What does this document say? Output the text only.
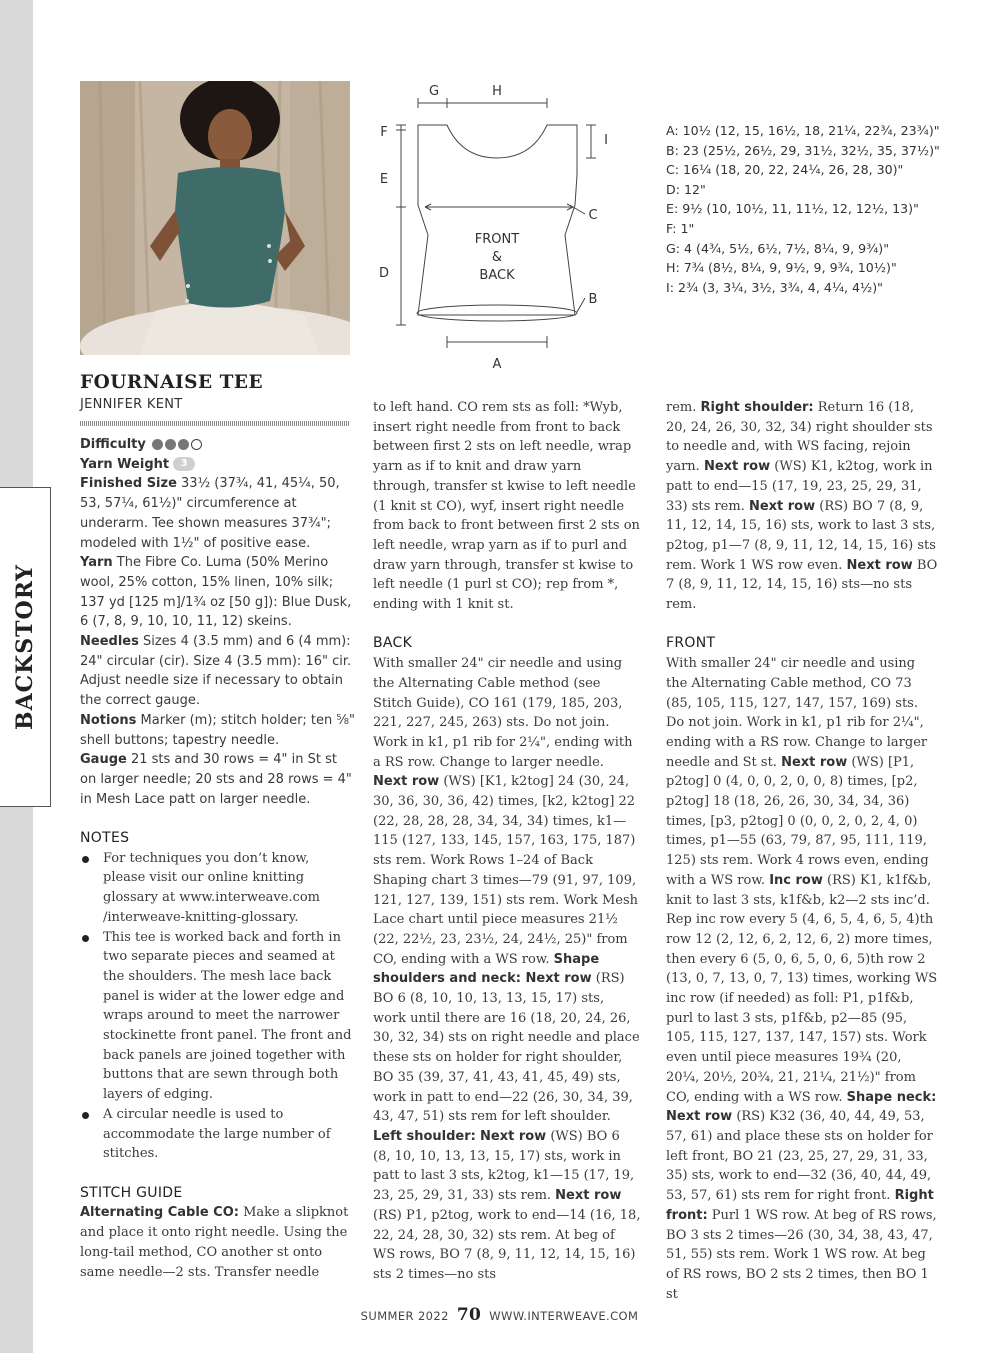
BACKSTORY
G	H
F
E
I
C
D
B
A
FRONT
&
BACK
A: 10½ (12, 15, 16½, 18, 21¼, 22¾, 23¾)"
B: 23 (25½, 26½, 29, 31½, 32½, 35, 37½)"
C: 16¼ (18, 20, 22, 24¼, 26, 28, 30)"
D: 12"
E: 9½ (10, 10½, 11, 11½, 12, 12½, 13)"
F: 1"
G: 4 (4¾, 5½, 6½, 7½, 8¼, 9, 9¾)"
H: 7¾ (8½, 8¼, 9, 9½, 9, 9¾, 10½)"
I: 2¾ (3, 3¼, 3½, 3¾, 4, 4¼, 4½)"
FOURNAISE TEE
JENNIFER KENT

Difficulty

Yarn Weight 3

Finished Size 33½ (37¾, 41, 45¼, 50, 53, 57¼, 61½)" circumference at underarm. Tee shown measures 37¾"; modeled with 1½" of positive ease.

Yarn The Fibre Co. Luma (50% Merino wool, 25% cotton, 15% linen, 10% silk; 137 yd [125 m]/1¾ oz [50 g]): Blue Dusk, 6 (7, 8, 9, 10, 10, 11, 12) skeins.

Needles Sizes 4 (3.5 mm) and 6 (4 mm): 24" circular (cir). Size 4 (3.5 mm): 16" cir. Adjust needle size if necessary to obtain the correct gauge.

Notions Marker (m); stitch holder; ten ⅝" shell buttons; tapestry needle.

Gauge 21 sts and 30 rows = 4" in St st on larger needle; 20 sts and 28 rows = 4" in Mesh Lace patt on larger needle.

NOTES

For techniques you don’t know, please visit our online knitting glossary at www.interweave.com /interweave-knitting-glossary.
This tee is worked back and forth in two separate pieces and seamed at the shoulders. The mesh lace back panel is wider at the lower edge and wraps around to meet the narrower stockinette front panel. The front and back panels are joined together with buttons that are sewn through both layers of edging.
A circular needle is used to accommodate the large number of stitches.

STITCH GUIDE

Alternating Cable CO: Make a slipknot and place it onto right needle. Using the long-tail method, CO another st onto same needle—2 sts. Transfer needle

to left hand. CO rem sts as foll: *Wyb, insert right needle from front to back between first 2 sts on left needle, wrap yarn as if to knit and draw yarn through, transfer st kwise to left needle (1 knit st CO), wyf, insert right needle from back to front between first 2 sts on left needle, wrap yarn as if to purl and draw yarn through, transfer st kwise to left needle (1 purl st CO); rep from *, ending with 1 knit st.

BACK

With smaller 24" cir needle and using the Alternating Cable method (see Stitch Guide), CO 161 (179, 185, 203, 221, 227, 245, 263) sts. Do not join. Work in k1, p1 rib for 2¼", ending with a RS row. Change to larger needle. Next row (WS) [K1, k2tog] 24 (30, 24, 30, 36, 30, 36, 42) times, [k2, k2tog] 22 (22, 28, 28, 28, 34, 34, 34) times, k1—115 (127, 133, 145, 157, 163, 175, 187) sts rem. Work Rows 1–24 of Back Shaping chart 3 times—79 (91, 97, 109, 121, 127, 139, 151) sts rem. Work Mesh Lace chart until piece measures 21½ (22, 22½, 23, 23½, 24, 24½, 25)" from CO, ending with a WS row. Shape shoulders and neck: Next row (RS) BO 6 (8, 10, 10, 13, 13, 15, 17) sts, work until there are 16 (18, 20, 24, 26, 30, 32, 34) sts on right needle and place these sts on holder for right shoulder, BO 35 (39, 37, 41, 43, 41, 45, 49) sts, work in patt to end—22 (26, 30, 34, 39, 43, 47, 51) sts rem for left shoulder. Left shoulder: Next row (WS) BO 6 (8, 10, 10, 13, 13, 15, 17) sts, work in patt to last 3 sts, k2tog, k1—15 (17, 19, 23, 25, 29, 31, 33) sts rem. Next row (RS) P1, p2tog, work to end—14 (16, 18, 22, 24, 28, 30, 32) sts rem. At beg of WS rows, BO 7 (8, 9, 11, 12, 14, 15, 16) sts 2 times—no sts

rem. Right shoulder: Return 16 (18, 20, 24, 26, 30, 32, 34) right shoulder sts to needle and, with WS facing, rejoin yarn. Next row (WS) K1, k2tog, work in patt to end—15 (17, 19, 23, 25, 29, 31, 33) sts rem. Next row (RS) BO 7 (8, 9, 11, 12, 14, 15, 16) sts, work to last 3 sts, p2tog, p1—7 (8, 9, 11, 12, 14, 15, 16) sts rem. Work 1 WS row even. Next row BO 7 (8, 9, 11, 12, 14, 15, 16) sts—no sts rem.

FRONT

With smaller 24" cir needle and using the Alternating Cable method, CO 73 (85, 105, 115, 127, 147, 157, 169) sts. Do not join. Work in k1, p1 rib for 2¼", ending with a RS row. Change to larger needle and St st. Next row (WS) [P1, p2tog] 0 (4, 0, 0, 2, 0, 0, 8) times, [p2, p2tog] 18 (18, 26, 26, 30, 34, 34, 36) times, [p3, p2tog] 0 (0, 0, 2, 0, 2, 4, 0) times, p1—55 (63, 79, 87, 95, 111, 119, 125) sts rem. Work 4 rows even, ending with a WS row. Inc row (RS) K1, k1f&b, knit to last 3 sts, k1f&b, k2—2 sts inc’d. Rep inc row every 5 (4, 6, 5, 4, 6, 5, 4)th row 12 (2, 12, 6, 2, 12, 6, 2) more times, then every 6 (5, 0, 6, 5, 0, 6, 5)th row 2 (13, 0, 7, 13, 0, 7, 13) times, working WS inc row (if needed) as foll: P1, p1f&b, purl to last 3 sts, p1f&b, p2—85 (95, 105, 115, 127, 137, 147, 157) sts. Work even until piece measures 19¾ (20, 20¼, 20½, 20¾, 21, 21¼, 21½)" from CO, ending with a WS row. Shape neck: Next row (RS) K32 (36, 40, 44, 49, 53, 57, 61) and place these sts on holder for left front, BO 21 (23, 25, 27, 29, 31, 33, 35) sts, work to end—32 (36, 40, 44, 49, 53, 57, 61) sts rem for right front. Right front: Purl 1 WS row. At beg of RS rows, BO 3 sts 2 times—26 (30, 34, 38, 43, 47, 51, 55) sts rem. Work 1 WS row. At beg of RS rows, BO 2 sts 2 times, then BO 1 st

SUMMER 2022 70 WWW.INTERWEAVE.COM
